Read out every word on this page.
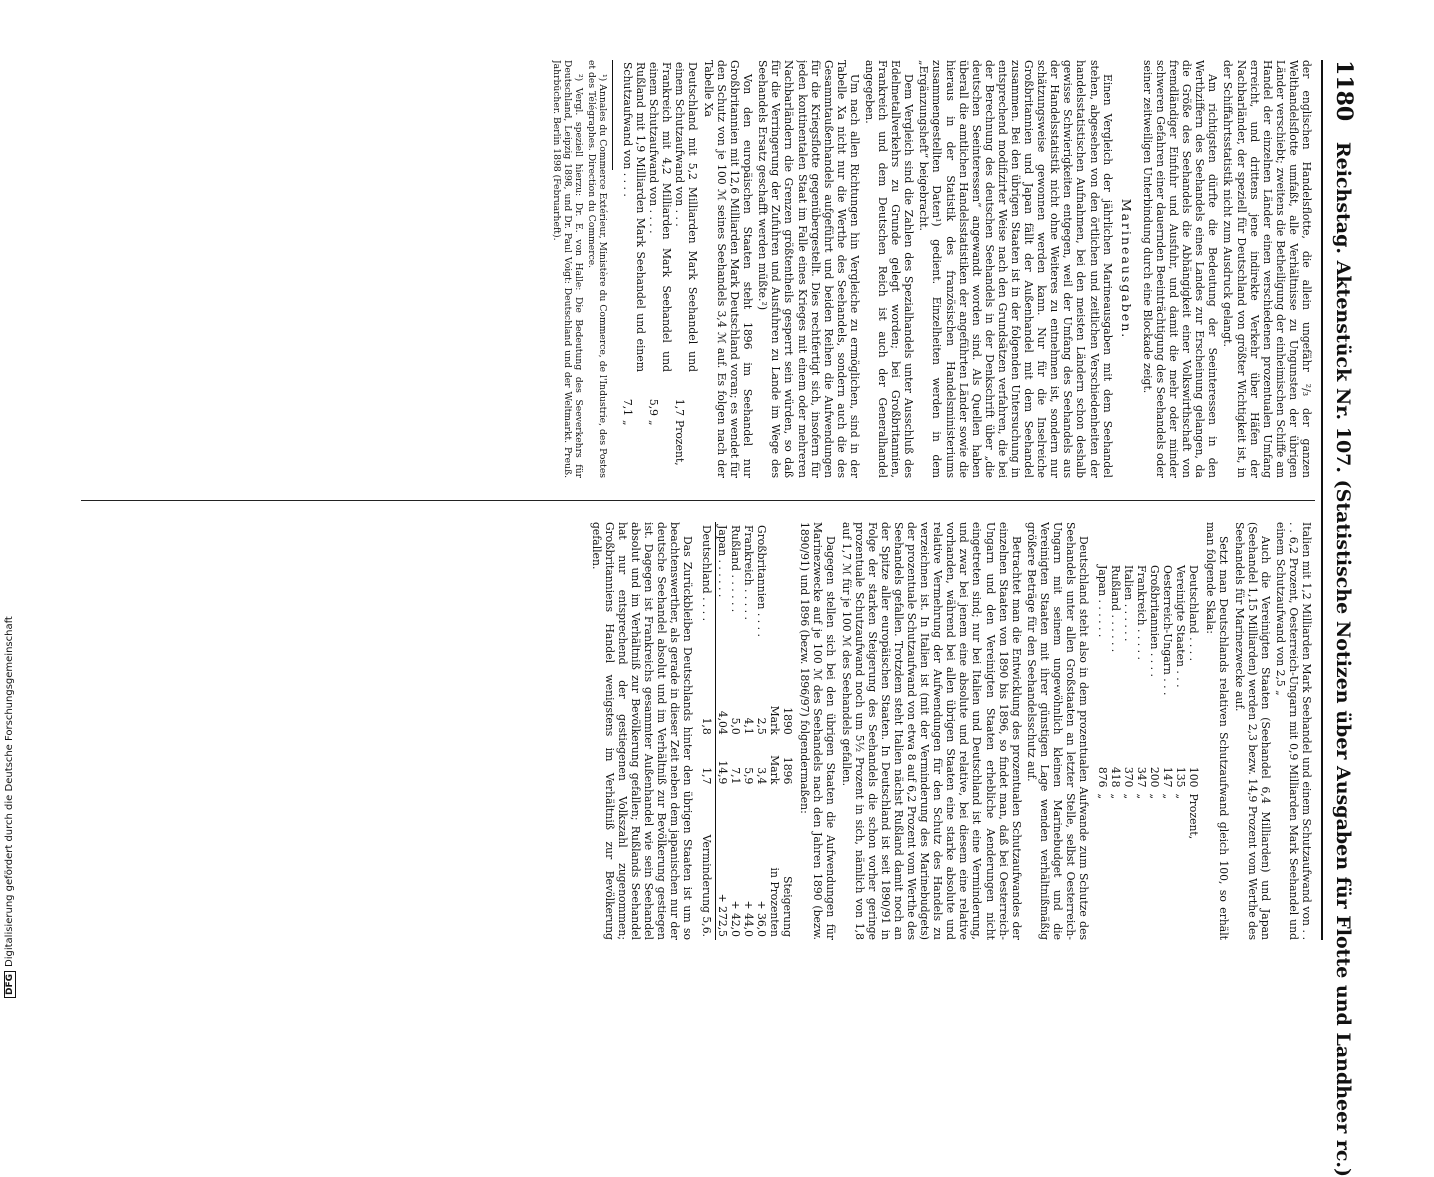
1180 Reichstag. Aktenstück Nr. 107. (Statistische Notizen über Ausgaben für Flotte und Landheer rc.)

der englischen Handelsflotte, die allein ungefähr ²/₃ der ganzen Welthandelsflotte umfaßt, alle Verhältnisse zu Ungunsten der übrigen Länder verschiebt; zweitens die Betheiligung der einheimischen Schiffe am Handel der einzelnen Länder einen verschiedenen prozentualen Umfang erreicht, und drittens jene indirekte Verkehr über Häfen der Nachbarländer, der speziell für Deutschland von größter Wichtigkeit ist, in der Schiffahrtsstatistik nicht zum Ausdruck gelangt.

Am richtigsten dürfte die Bedeutung der Seeinteressen in den Werthziffern des Seehandels eines Landes zur Erscheinung gelangen, da die Größe des Seehandels die Abhängigkeit einer Volkswirthschaft von fremdländiger Einfuhr und Ausfuhr, und damit die mehr oder minder schweren Gefahren einer dauernden Beeinträchtigung des Seehandels oder seiner zeitweiligen Unterbindung durch eine Blockade zeigt.

Marineausgaben.

Einen Vergleich der jährlichen Marineausgaben mit dem Seehandel stehen, abgesehen von den örtlichen und zeitlichen Verschiedenheiten der handelsstatistischen Aufnahmen, bei den meisten Ländern schon deshalb gewisse Schwierigkeiten entgegen, weil der Umfang des Seehandels aus der Handelsstatistik nicht ohne Weiteres zu entnehmen ist, sondern nur schätzungsweise gewonnen werden kann. Nur für die Inselreiche Großbritannien und Japan fällt der Außenhandel mit dem Seehandel zusammen. Bei den übrigen Staaten ist in der folgenden Untersuchung in entsprechend modifizirter Weise nach den Grundsätzen verfahren, die bei der Berechnung des deutschen Seehandels in der Denkschrift über „die deutschen Seeinteressen“ angewandt worden sind. Als Quellen haben überall die amtlichen Handelsstatistiken der angeführten Länder sowie die hieraus in der Statistik des französischen Handelsministeriums zusammengestellten Daten¹) gedient. Einzelheiten werden in dem „Ergänzungsheft“ beigebracht.

Dem Vergleich sind die Zahlen des Spezialhandels unter Ausschluß des Edelmetallverkehrs zu Grunde gelegt worden; bei Großbritannien, Frankreich und dem Deutschen Reich ist auch der Generalhandel angegeben.

Um nach allen Richtungen hin Vergleiche zu ermöglichen, sind in der Tabelle Xa nicht nur die Werthe des Seehandels, sondern auch die des Gesammtaußenhandels aufgeführt und beiden Reihen die Aufwendungen für die Kriegsflotte gegenübergestellt. Dies rechtfertigt sich, insofern für jeden kontinentalen Staat im Falle eines Krieges mit einem oder mehreren Nachbarländern die Grenzen größtentheils gesperrt sein würden, so daß für die Verringerung der Zufuhren und Ausfuhren zu Lande im Wege des Seehandels Ersatz geschafft werden müßte.²)

Von den europäischen Staaten steht 1896 im Seehandel nur Großbritannien mit 12,6 Milliarden Mark Deutschland voran; es wendet für den Schutz von je 100 ℳ seines Seehandels 3,4 ℳ auf. Es folgen nach der Tabelle Xa

Deutschland mit 5,2 Milliarden Mark Seehandel und einem Schutzaufwand von . . .	1,7	Prozent,
Frankreich mit 4,2 Milliarden Mark Seehandel und einem Schutzaufwand von . . . .	5,9	„
Rußland mit 1,9 Milliarden Mark Seehandel und einem Schutzaufwand von . . . .	7,1	„

¹) Annales du Commerce Extérieur, Ministère du Commerce, de l'Industrie, des Postes et des Télégraphes. Direction du Commerce.

²) Vergl. speziell hierzu: Dr. E. von Halle: Die Bedeutung des Seeverkehrs für Deutschland, Leipzig 1898, und Dr. Paul Voigt: Deutschland und der Weltmarkt. Preuß. Jahrbücher. Berlin 1898 (Februarheft).

Italien mit 1,2 Milliarden Mark Seehandel und einem Schutzaufwand von . . . . 6,2 Prozent, Oesterreich-Ungarn mit 0,9 Milliarden Mark Seehandel und einem Schutzaufwand von 2,5 „

Auch die Vereinigten Staaten (Seehandel 6,4 Milliarden) und Japan (Seehandel 1,15 Milliarden) werden 2,3 bezw. 14,9 Prozent vom Werthe des Seehandels für Marinezwecke auf.

Setzt man Deutschlands relativen Schutzaufwand gleich 100, so erhält man folgende Skala:

Deutschland . . . .	100	Prozent,
Vereinigte Staaten . . .	135	„
Oesterreich-Ungarn . . .	147	„
Großbritannien . . . .	200	„
Frankreich . . . . .	347	„
Italien . . . . . .	370	„
Rußland . . . . . .	418	„
Japan . . . . . .	876	„

Deutschland steht also in dem prozentualen Aufwande zum Schutze des Seehandels unter allen Großstaaten an letzter Stelle, selbst Oesterreich-Ungarn mit seinem ungewöhnlich kleinen Marinebudget und die Vereinigten Staaten mit ihrer günstigen Lage wenden verhältnißmäßig größere Beträge für den Seehandelsschutz auf.

Betrachtet man die Entwicklung des prozentualen Schutzaufwandes der einzelnen Staaten von 1890 bis 1896, so findet man, daß bei Oesterreich-Ungarn und den Vereinigten Staaten erhebliche Aenderungen nicht eingetreten sind; nur bei Italien und Deutschland ist eine Verminderung, und zwar bei jenem eine absolute und relative, bei diesem eine relative vorhanden, während bei allen übrigen Staaten eine starke absolute und relative Vermehrung der Aufwendungen für den Schutz des Handels zu verzeichnen ist. In Italien ist (mit der Verminderung des Marinebudgets) der prozentuale Schutzaufwand von etwa 8 auf 6,2 Prozent vom Werthe des Seehandels gefallen. Trotzdem steht Italien nächst Rußland damit noch an der Spitze aller europäischen Staaten. In Deutschland ist seit 1890/91 in Folge der starken Steigerung des Seehandels die schon vorher geringe prozentuale Schutzaufwand noch um 5½ Prozent in sich, nämlich von 1,8 auf 1,7 ℳ für je 100 ℳ des Seehandels gefallen.

Dagegen stellen sich bei den übrigen Staaten die Aufwendungen für Marinezwecke auf je 100 ℳ des Seehandels nach den Jahren 1890 (bezw. 1890/91) und 1896 (bezw. 1896/97) folgendermaßen:

	1890	1896	Steigerung
	Mark	Mark	in Prozenten
Großbritannien . . . .	2,5	3,4	+ 36,0
Frankreich . . . . .	4,1	5,9	+ 44,0
Rußland . . . . . .	5,0	7,1	+ 42,0
Japan . . . . . .	4,04	14,9	+ 272,5
Deutschland . . . .	1,8	1,7	Verminderung 5,6.

Das Zurückbleiben Deutschlands hinter den übrigen Staaten ist um so beachtenswerther, als gerade in dieser Zeit neben dem japanischen nur der deutsche Seehandel absolut und im Verhältniß zur Bevölkerung gestiegen ist. Dagegen ist Frankreichs gesammter Außenhandel wie sein Seehandel absolut und im Verhältniß zur Bevölkerung gefallen; Rußlands Seehandel hat nur entsprechend der gestiegenen Volkszahl zugenommen; Großbritanniens Handel wenigstens im Verhältniß zur Bevölkerung gefallen.

DFGDigitalisierung gefördert durch die Deutsche Forschungsgemeinschaft
